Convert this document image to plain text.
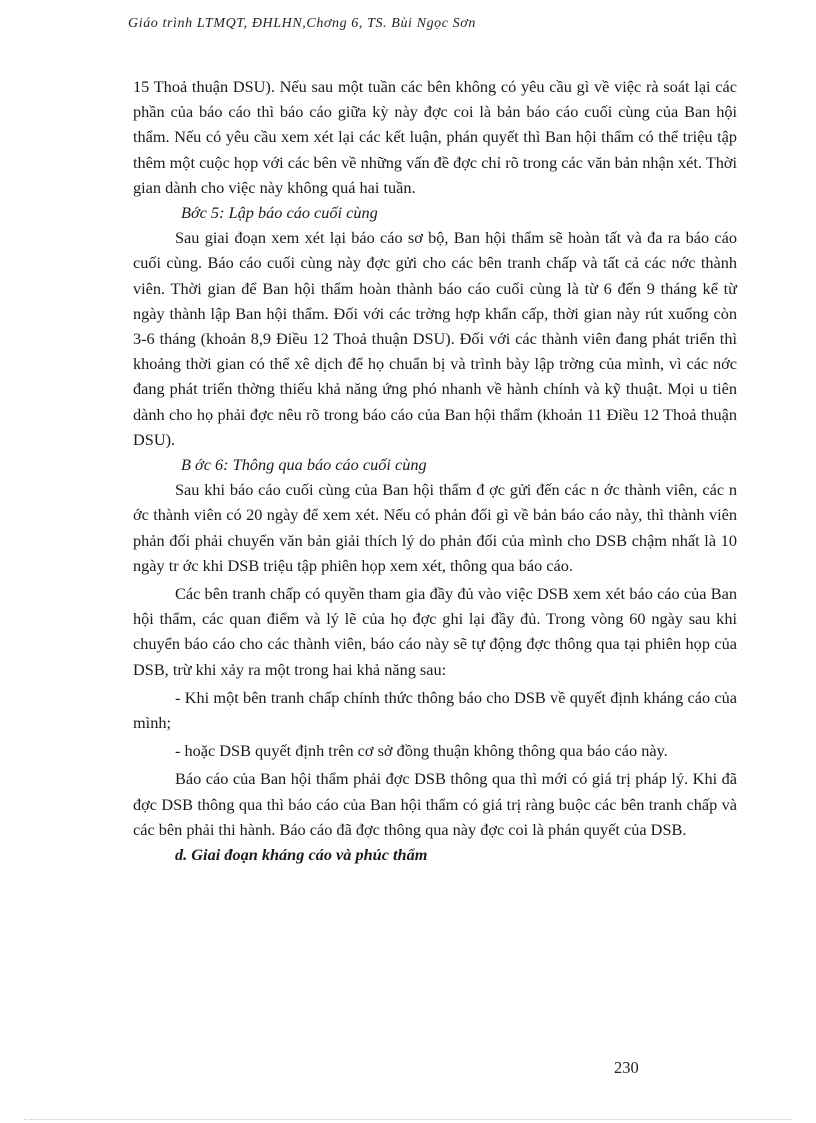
Giáo trình LTMQT, ĐHLHN,Chơng 6, TS. Bùi Ngọc Sơn

15 Thoả thuận DSU). Nếu sau một tuần các bên không có yêu cầu gì về việc rà soát lại các phần của báo cáo thì báo cáo giữa kỳ này đợc coi là bản báo cáo cuối cùng của Ban hội thẩm. Nếu có yêu cầu xem xét lại các kết luận, phán quyết thì Ban hội thẩm có thể triệu tập thêm một cuộc họp với các bên về những vấn đề đợc chỉ rõ trong các văn bản nhận xét. Thời gian dành cho việc này không quá hai tuần.

Bớc 5: Lập báo cáo cuối cùng

Sau giai đoạn xem xét lại báo cáo sơ bộ, Ban hội thẩm sẽ hoàn tất và đa ra báo cáo cuối cùng. Báo cáo cuối cùng này đợc gửi cho các bên tranh chấp và tất cả các nớc thành viên. Thời gian để Ban hội thẩm hoàn thành báo cáo cuối cùng là từ 6 đến 9 tháng kể từ ngày thành lập Ban hội thẩm. Đối với các trờng hợp khẩn cấp, thời gian này rút xuống còn 3-6 tháng (khoản 8,9 Điều 12 Thoả thuận DSU). Đối với các thành viên đang phát triển thì khoảng thời gian có thể xê dịch để họ chuẩn bị và trình bày lập trờng của mình, vì các nớc đang phát triển thờng thiếu khả năng ứng phó nhanh về hành chính và kỹ thuật. Mọi u tiên dành cho họ phải đợc nêu rõ trong báo cáo của Ban hội thẩm (khoản 11 Điều 12 Thoả thuận DSU).

B ớc 6: Thông qua báo cáo cuối cùng

Sau khi báo cáo cuối cùng của Ban hội thẩm đ ợc gửi đến các n ớc thành viên, các n ớc thành viên có 20 ngày để xem xét. Nếu có phản đối gì về bản báo cáo này, thì thành viên phản đối phải chuyển văn bản giải thích lý do phản đối của mình cho DSB chậm nhất là 10 ngày tr ớc khi DSB triệu tập phiên họp xem xét, thông qua báo cáo.

Các bên tranh chấp có quyền tham gia đầy đủ vào việc DSB xem xét báo cáo của Ban hội thẩm, các quan điểm và lý lẽ của họ đợc ghi lại đầy đủ. Trong vòng 60 ngày sau khi chuyển báo cáo cho các thành viên, báo cáo này sẽ tự động đợc thông qua tại phiên họp của DSB, trừ khi xảy ra một trong hai khả năng sau:

- Khi một bên tranh chấp chính thức thông báo cho DSB về quyết định kháng cáo của mình;

- hoặc DSB quyết định trên cơ sở đồng thuận không thông qua báo cáo này.

Báo cáo của Ban hội thẩm phải đợc DSB thông qua thì mới có giá trị pháp lý. Khi đã đợc DSB thông qua thì báo cáo của Ban hội thẩm có giá trị ràng buộc các bên tranh chấp và các bên phải thi hành. Báo cáo đã đợc thông qua này đợc coi là phán quyết của DSB.

d. Giai đoạn kháng cáo và phúc thẩm

230
